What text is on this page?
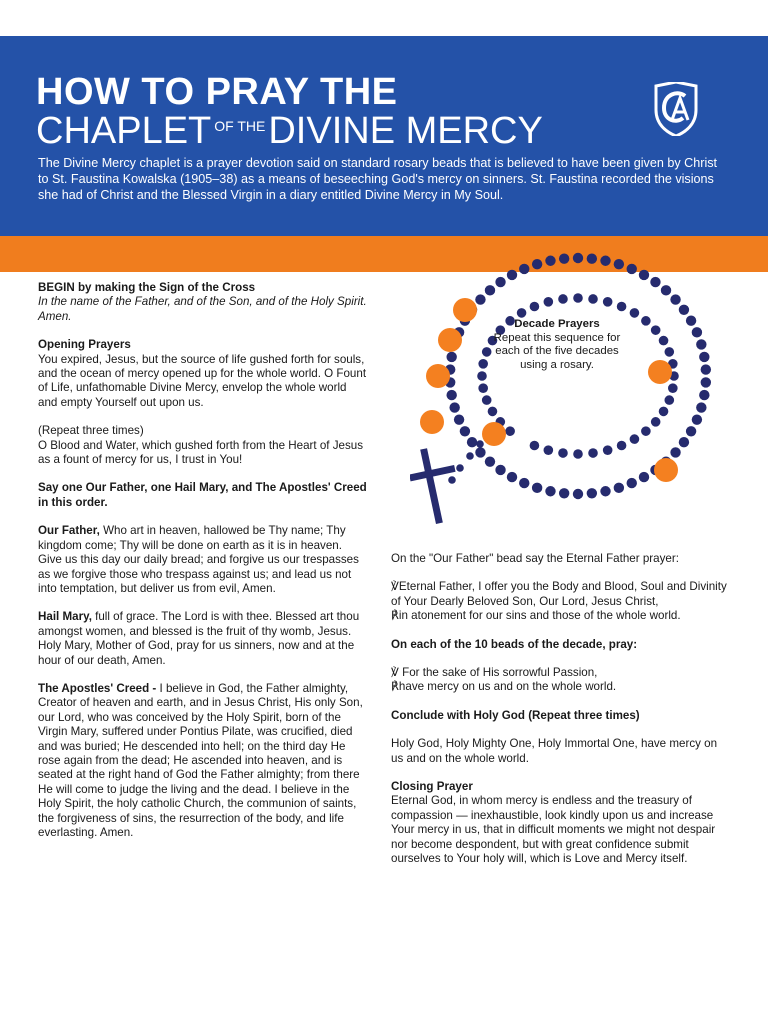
HOW TO PRAY THE
CHAPLET $^{OF THE}$DIVINE MERCY

The Divine Mercy chaplet is a prayer devotion said on standard rosary beads that is believed to have been given by Christ to St. Faustina Kowalska (1905–38) as a means of beseeching God's mercy on sinners. St. Faustina recorded the visions she had of Christ and the Blessed Virgin in a diary entitled Divine Mercy in My Soul.

Decade Prayers
Repeat this sequence for each of the five decades using a rosary.

BEGIN by making the Sign of the Cross
In the name of the Father, and of the Son, and of the Holy Spirit. Amen.

Opening Prayers
You expired, Jesus, but the source of life gushed forth for souls, and the ocean of mercy opened up for the whole world. O Fount of Life, unfathomable Divine Mercy, envelop the whole world and empty Yourself out upon us.

(Repeat three times)
O Blood and Water, which gushed forth from the Heart of Jesus as a fount of mercy for us, I trust in You!

Say one Our Father, one Hail Mary, and The Apostles' Creed in this order.

Our Father, Who art in heaven, hallowed be Thy name; Thy kingdom come; Thy will be done on earth as it is in heaven. Give us this day our daily bread; and forgive us our trespasses as we forgive those who trespass against us; and lead us not into temptation, but deliver us from evil, Amen.

Hail Mary, full of grace. The Lord is with thee. Blessed art thou amongst women, and blessed is the fruit of thy womb, Jesus. Holy Mary, Mother of God, pray for us sinners, now and at the hour of our death, Amen.

The Apostles' Creed - I believe in God, the Father almighty, Creator of heaven and earth, and in Jesus Christ, His only Son, our Lord, who was conceived by the Holy Spirit, born of the Virgin Mary, suffered under Pontius Pilate, was crucified, died and was buried; He descended into hell; on the third day He rose again from the dead; He ascended into heaven, and is seated at the right hand of God the Father almighty; from there He will come to judge the living and the dead. I believe in the Holy Spirit, the holy catholic Church, the communion of saints, the forgiveness of sins, the resurrection of the body, and life everlasting. Amen.

On the "Our Father" bead say the Eternal Father prayer:

℣Eternal Father, I offer you the Body and Blood, Soul and Divinity of Your Dearly Beloved Son, Our Lord, Jesus Christ,
℟in atonement for our sins and those of the whole world.

On each of the 10 beads of the decade, pray:

℣ For the sake of His sorrowful Passion,
℟have mercy on us and on the whole world.

Conclude with Holy God (Repeat three times)

Holy God, Holy Mighty One, Holy Immortal One, have mercy on us and on the whole world.

Closing Prayer
Eternal God, in whom mercy is endless and the treasury of compassion — inexhaustible, look kindly upon us and increase Your mercy in us, that in difficult moments we might not despair nor become despondent, but with great confidence submit ourselves to Your holy will, which is Love and Mercy itself.
